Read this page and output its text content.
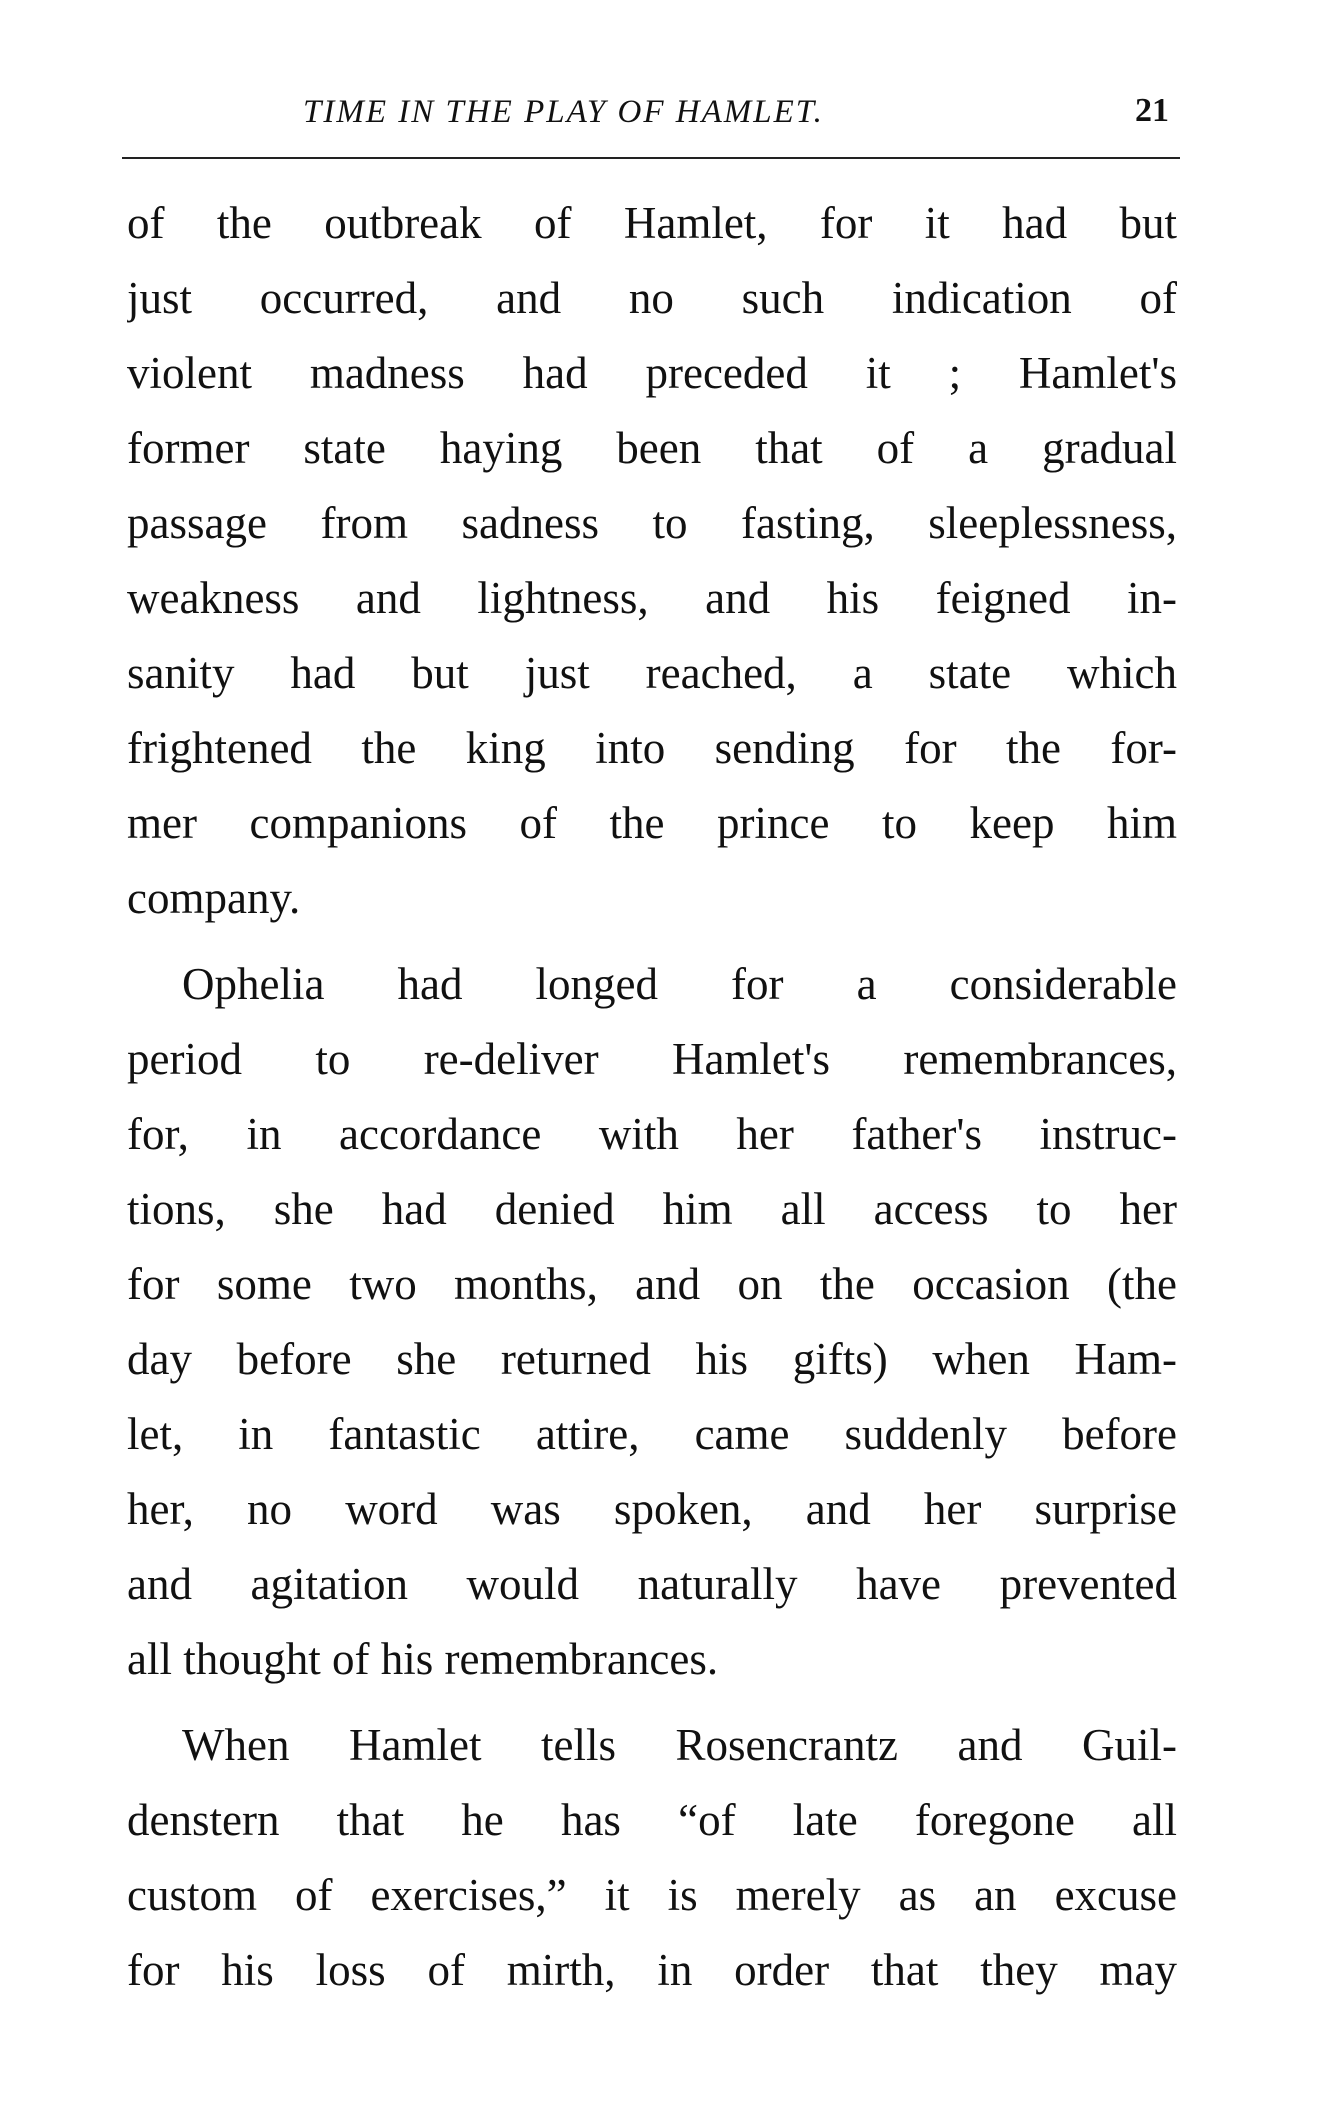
TIME IN THE PLAY OF HAMLET.	21
of the outbreak of Hamlet, for it had but
just occurred, and no such indication of
violent madness had preceded it ; Hamlet's
former state haying been that of a gradual
passage from sadness to fasting, sleeplessness,
weakness and lightness, and his feigned in-
sanity had but just reached, a state which
frightened the king into sending for the for-
mer companions of the prince to keep him
company.
Ophelia had longed for a considerable
period to re-deliver Hamlet's remembrances,
for, in accordance with her father's instruc-
tions, she had denied him all access to her
for some two months, and on the occasion (the
day before she returned his gifts) when Ham-
let, in fantastic attire, came suddenly before
her, no word was spoken, and her surprise
and agitation would naturally have prevented
all thought of his remembrances.
When Hamlet tells Rosencrantz and Guil-
denstern that he has “of late foregone all
custom of exercises,” it is merely as an excuse
for his loss of mirth, in order that they may
